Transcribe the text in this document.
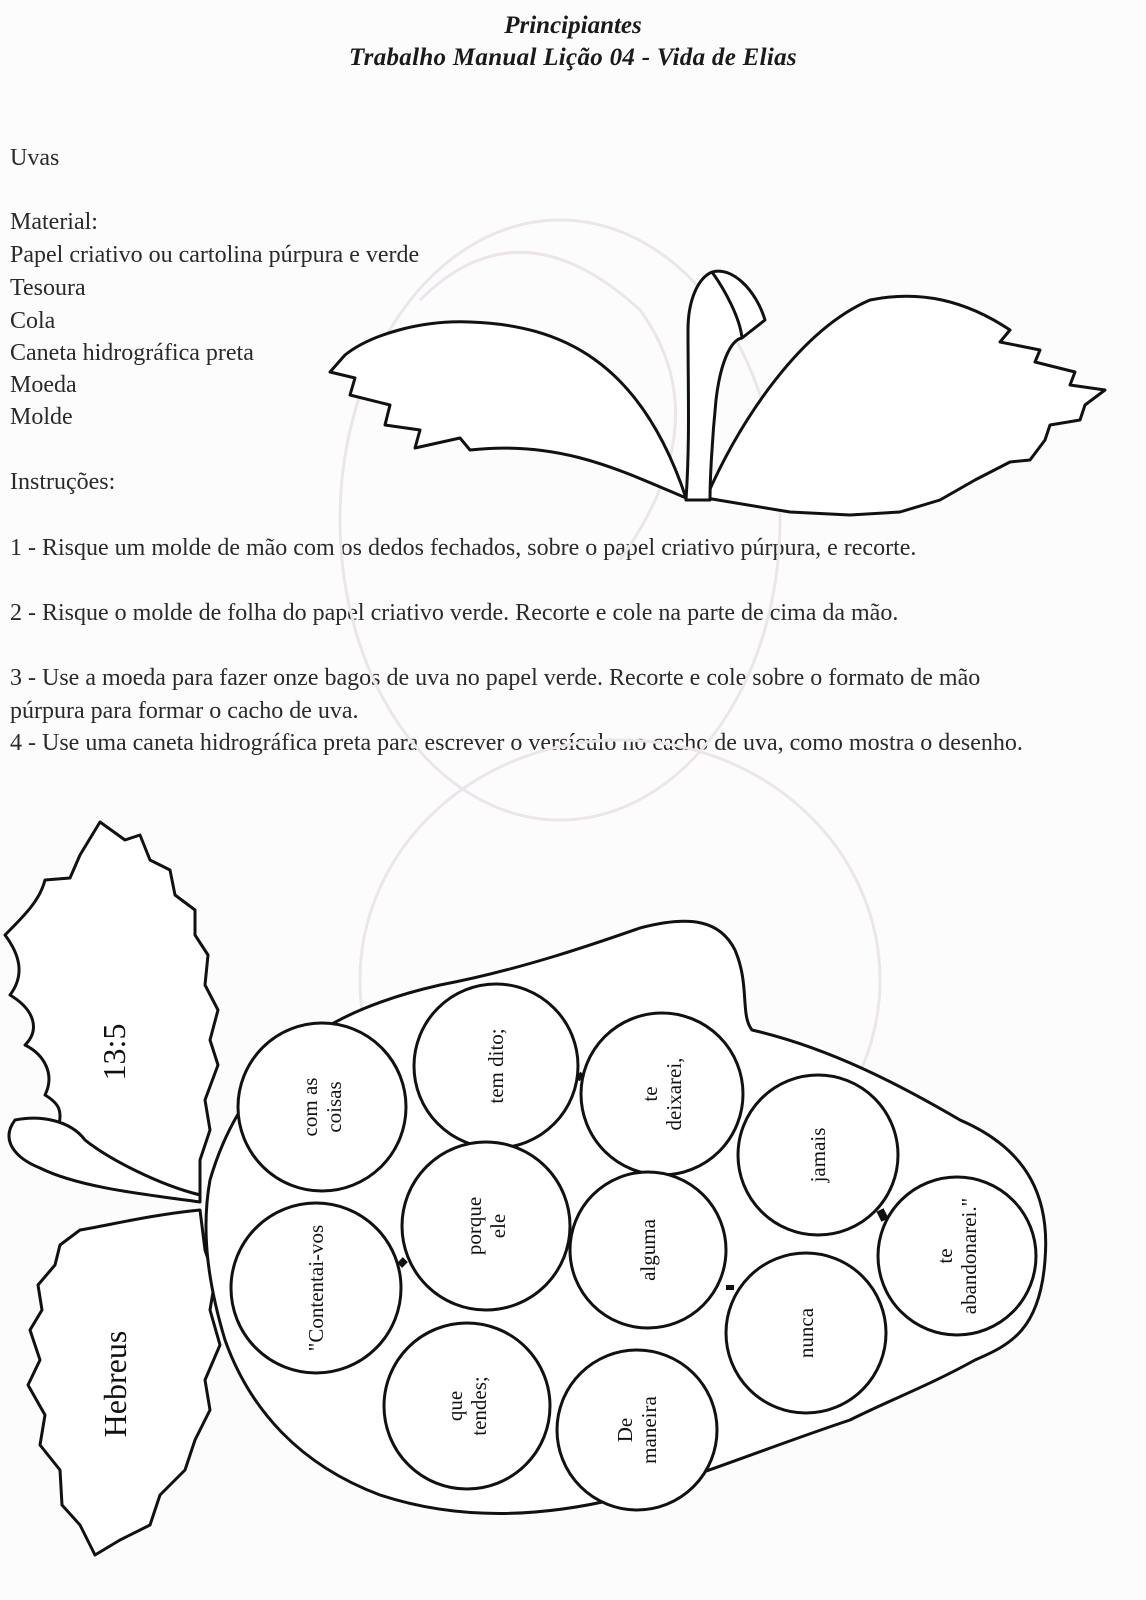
Principiantes
Trabalho Manual Lição 04 - Vida de Elias
Uvas
Material:
Papel criativo ou cartolina púrpura e verde
Tesoura
Cola
Caneta hidrográfica preta
Moeda
Molde
Instruções:

1 - Risque um molde de mão com os dedos fechados, sobre o papel criativo púrpura, e recorte.

2 - Risque o molde de folha do papel criativo verde. Recorte e cole na parte de cima da mão.

3 - Use a moeda para fazer onze bagos de uva no papel verde. Recorte e cole sobre o formato de mão púrpura para formar o cacho de uva.

4 - Use uma caneta hidrográfica preta para escrever o versículo no cacho de uva, como mostra o desenho.

com ascoisas
tem dito;	tedeixarei,
jamais
porqueele	alguma	teabandonarei."
"Contentai-vos	nunca
quetendes;	Demaneira
13:5
Hebreus
